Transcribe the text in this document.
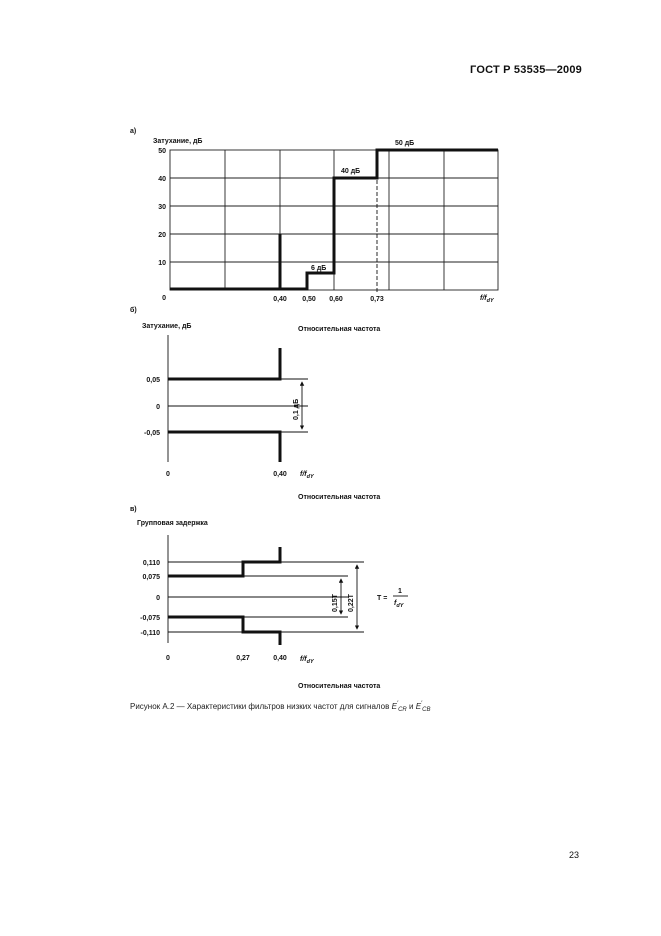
ГОСТ Р 53535—2009
а)
Затухание, дБ
50
40
30
20
10
0	0,40 0,50 0,60	0,73	$f/f_{dY}$
50 дБ
40 дБ
6 дБ
б)
Затухание, дБ	Относительная частота
0,1 дБ
0,05
0
-0,05
0	0,40 $f/f_{dY}$
Относительная частота
в)
Групповая задержка
0,15T 0,22T	T =
1
$f_{dY}$
0,110
0,075
0
-0,075
-0,110
0	0,27	0,40 $f/f_{dY}$
Относительная частота
Рисунок А.2 — Характеристики фильтров низких частот для сигналов $E'_{CR}$ и $E'_{CB}$
23
